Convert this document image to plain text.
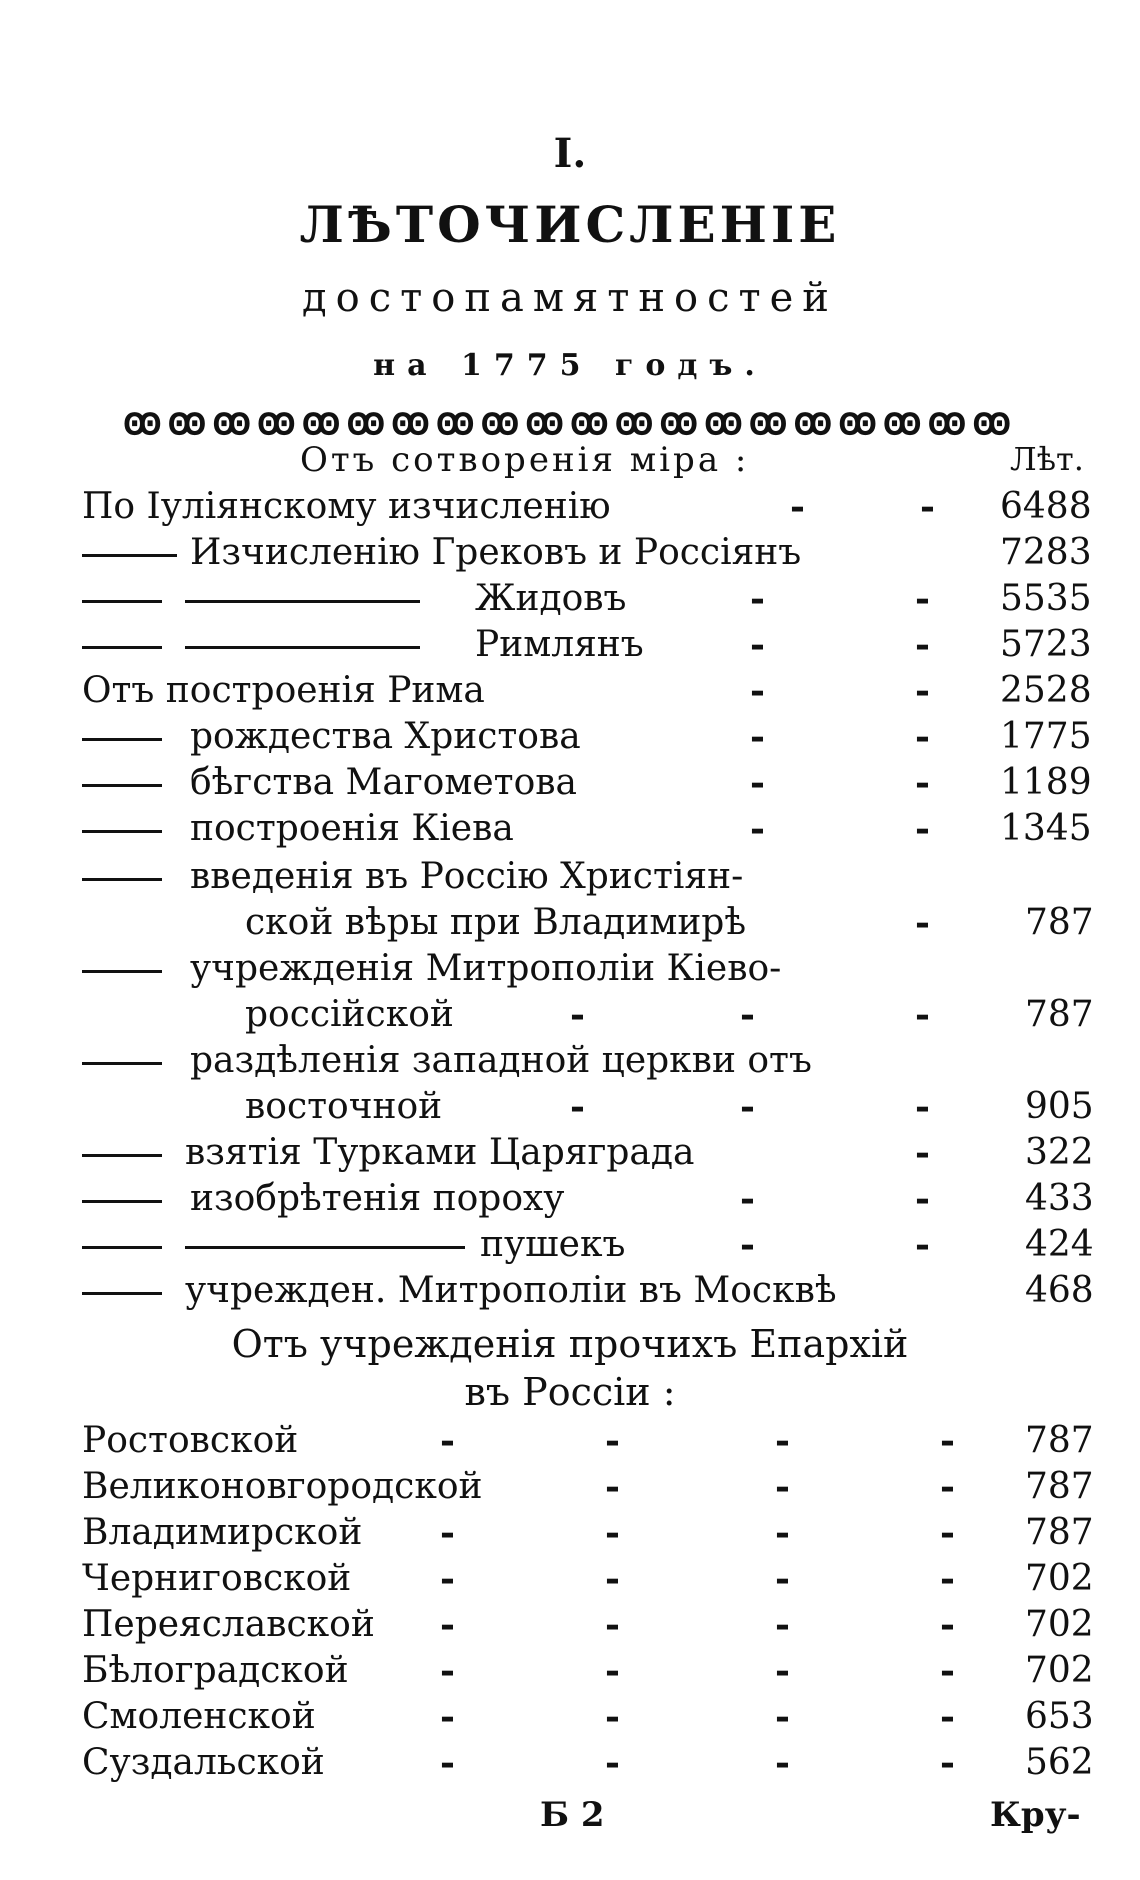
I.
ЛѢТОЧИСЛЕНІЕ
достопамятностей
на 1775 годъ.
ꙭꙭꙭꙭꙭꙭꙭꙭꙭꙭꙭꙭꙭꙭꙭꙭꙭꙭꙭꙭ
Отъ сотворенія міра :	Лѣт.
По Іуліянскому изчисленію	-	- 6488
Изчисленію Грековъ и Россіянъ	7283
Жидовъ	-	- 5535
Римлянъ	-	- 5723
Отъ построенія Рима	-	- 2528
рождества Христова	-	- 1775
бѣгства Магометова	-	- 1189
построенія Кіева	-	- 1345
введенія въ Россію Христіян-
ской вѣры при Владимирѣ	-	787
учрежденія Митрополіи Кіево-
россійской	-	-	-	787
раздѣленія западной церкви отъ
восточной	-	-	-	905
взятія Турками Царяграда	-	322
изобрѣтенія пороху	-	-	433
пушекъ	-	-	424
учрежден. Митрополіи въ Москвѣ	468
Отъ учрежденія прочихъ Епархій
въ Россіи :
Ростовской	-	-	-	- 787
Великоновгородской	-	-	- 787
Владимирской -	-	-	- 787
Черниговской -	-	-	- 702
Переяславской -	-	-	- 702
Бѣлоградской	-	-	-	- 702
Смоленской	-	-	-	- 653
Суздальской	-	-	-	- 562
Б 2	Кру-
